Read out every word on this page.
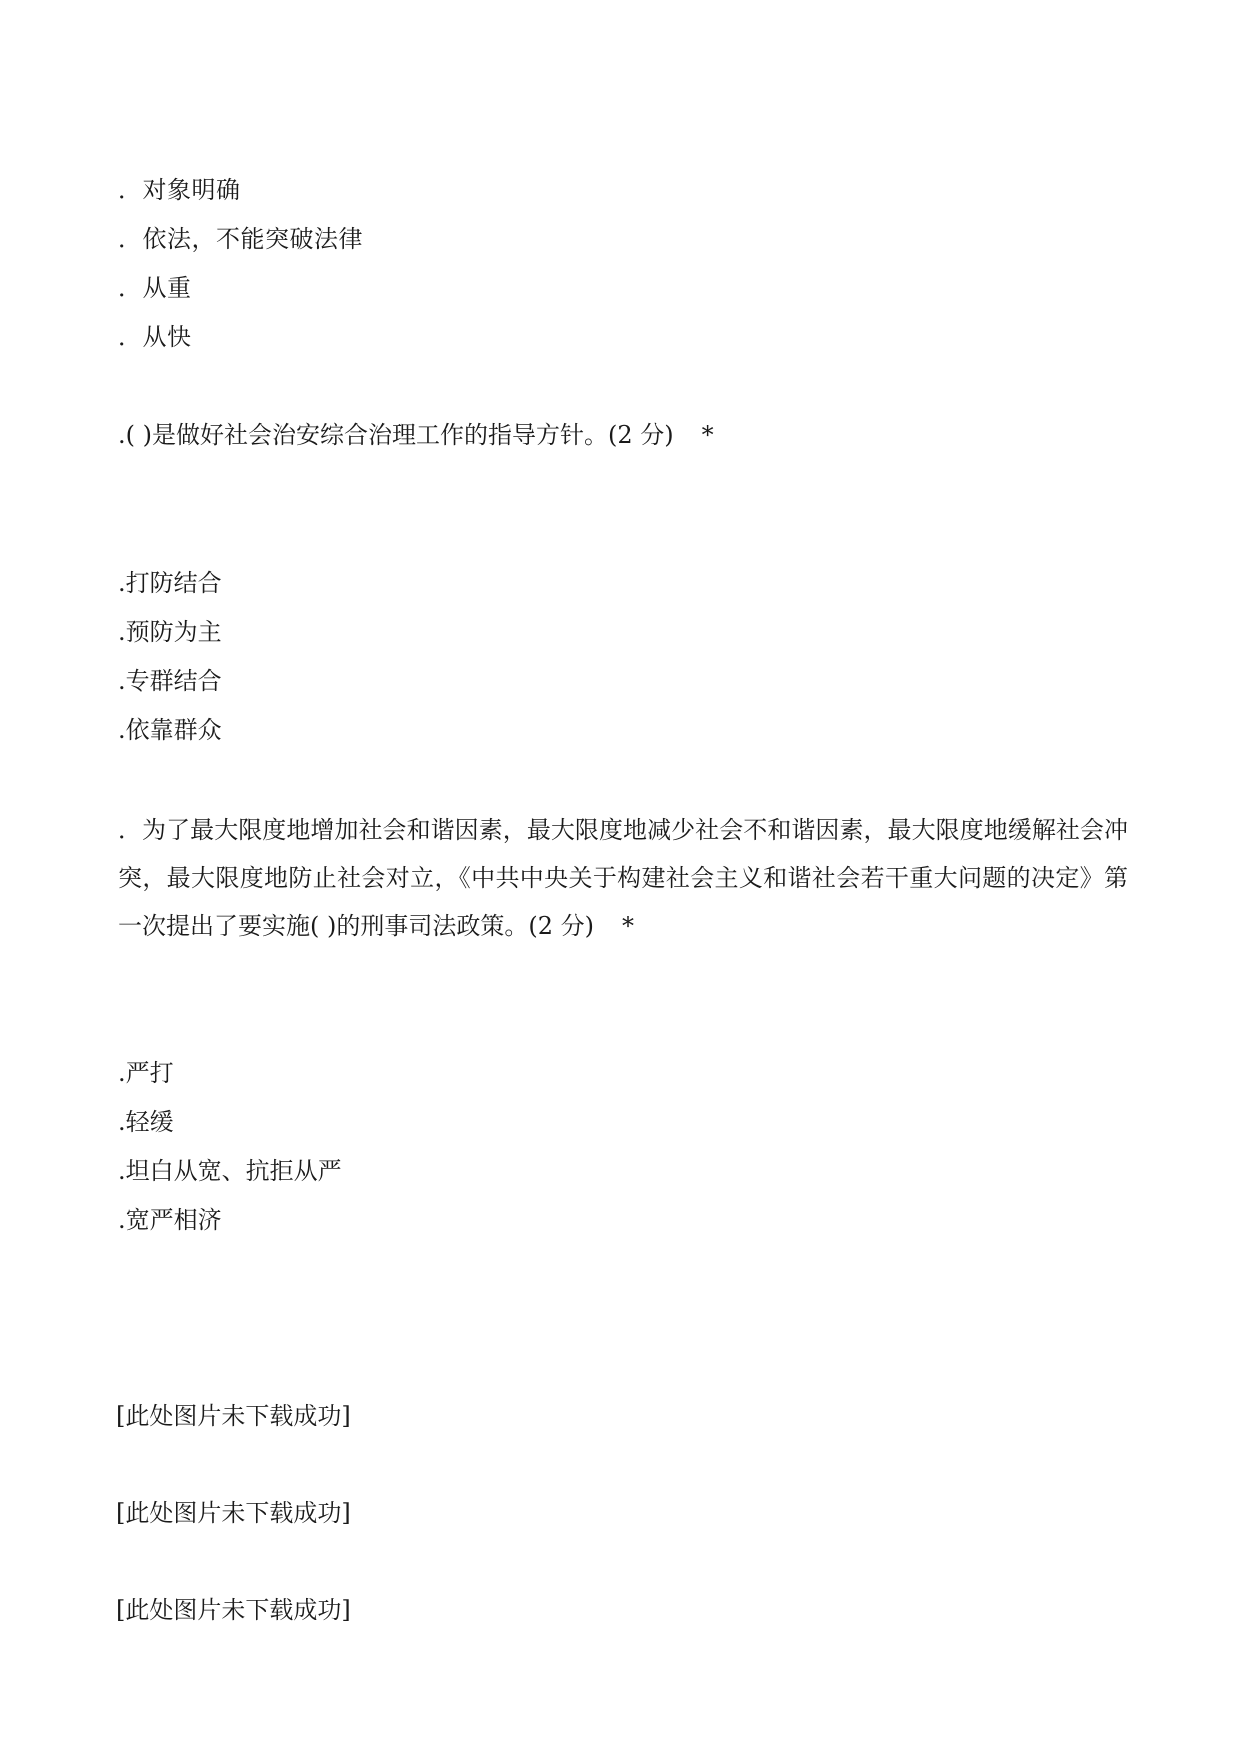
．对象明确
．依法，不能突破法律
．从重
．从快
.( )是做好社会治安综合治理工作的指导方针。(2 分) *
.打防结合
.预防为主
.专群结合
.依靠群众
．为了最大限度地增加社会和谐因素，最大限度地减少社会不和谐因素，最大限度地缓解社会冲突，最大限度地防止社会对立，《中共中央关于构建社会主义和谐社会若干重大问题的决定》第一次提出了要实施( )的刑事司法政策。(2 分) *
.严打
.轻缓
.坦白从宽、抗拒从严
.宽严相济
[此处图片未下载成功]
[此处图片未下载成功]
[此处图片未下载成功]
